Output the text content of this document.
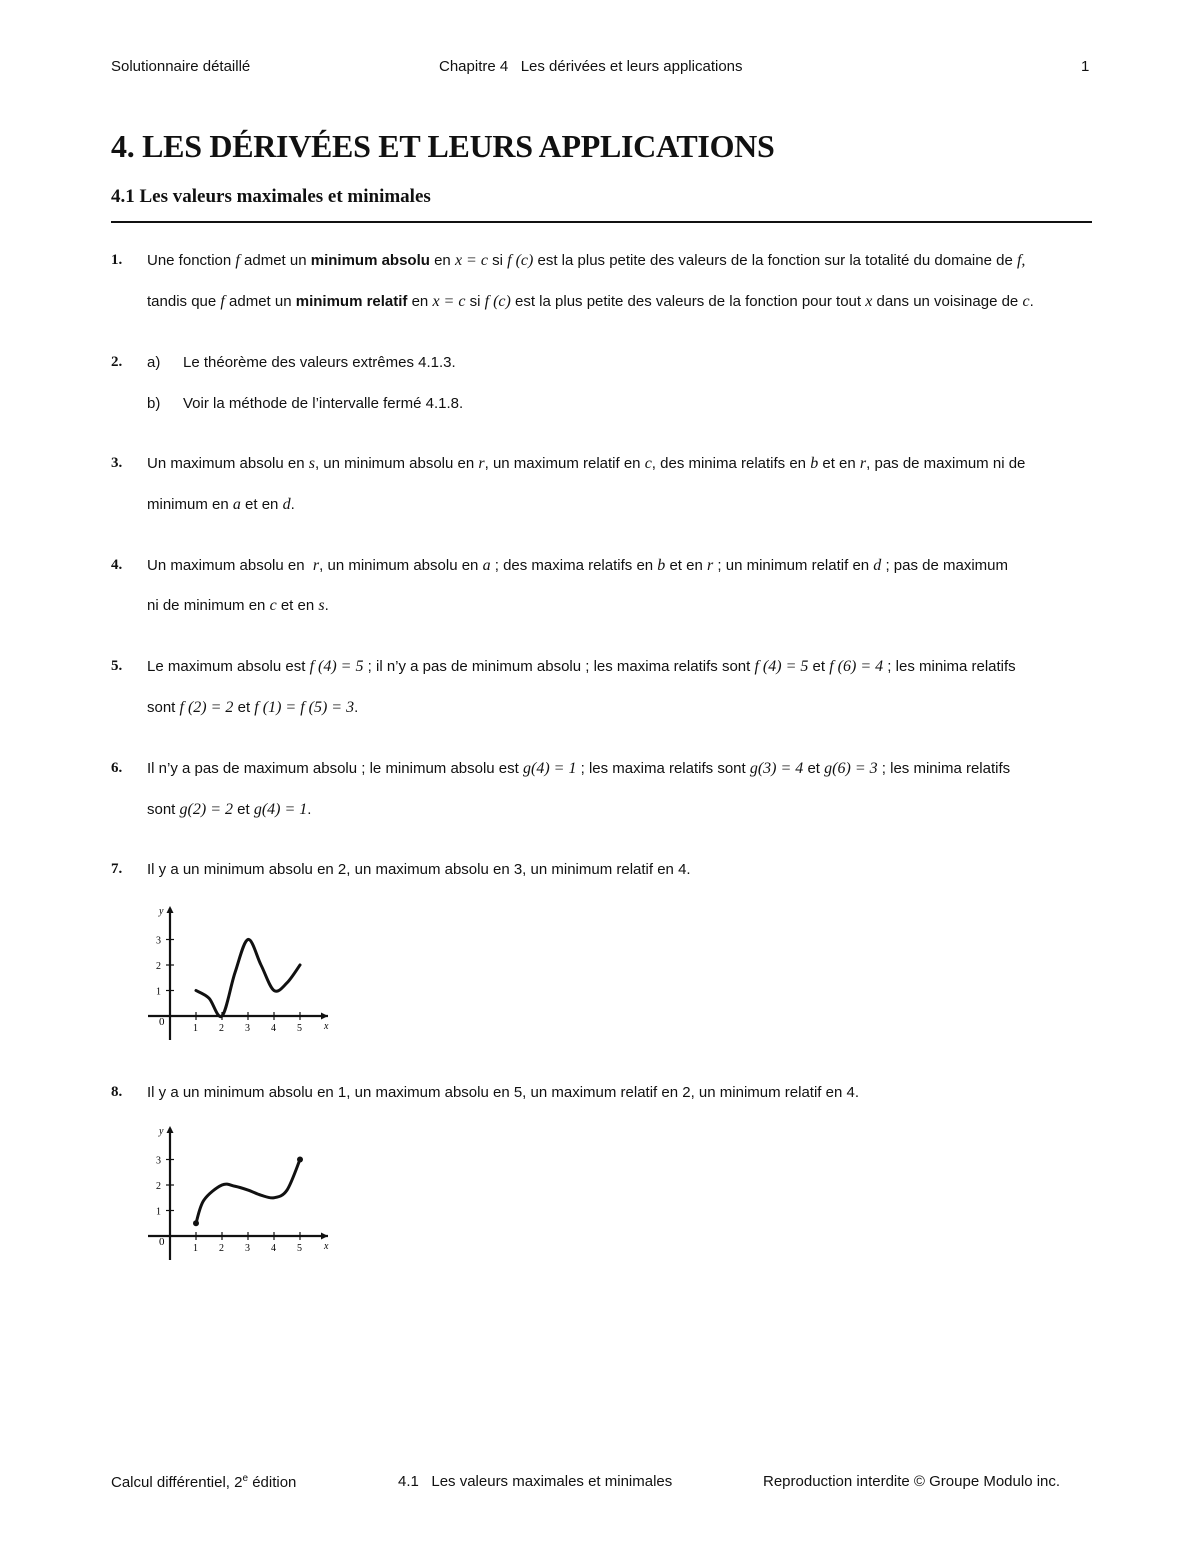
Solutionnaire détaillé	Chapitre 4   Les dérivées et leurs applications	1
4. LES DÉRIVÉES ET LEURS APPLICATIONS
4.1 Les valeurs maximales et minimales
1. Une fonction f admet un minimum absolu en x = c si f (c) est la plus petite des valeurs de la fonction sur la totalité du domaine de f,
tandis que f admet un minimum relatif en x = c si f (c) est la plus petite des valeurs de la fonction pour tout x dans un voisinage de c.
2. a) Le théorème des valeurs extrêmes 4.1.3.
b) Voir la méthode de l’intervalle fermé 4.1.8.
3. Un maximum absolu en s, un minimum absolu en r, un maximum relatif en c, des minima relatifs en b et en r, pas de maximum ni de
minimum en a et en d.
4. Un maximum absolu en  r, un minimum absolu en a ; des maxima relatifs en b et en r ; un minimum relatif en d ; pas de maximum
ni de minimum en c et en s.
5. Le maximum absolu est f (4) = 5 ; il n’y a pas de minimum absolu ; les maxima relatifs sont f (4) = 5 et f (6) = 4 ; les minima relatifs
sont f (2) = 2 et f (1) = f (5) = 3.
6. Il n’y a pas de maximum absolu ; le minimum absolu est g(4) = 1 ; les maxima relatifs sont g(3) = 4 et g(6) = 3 ; les minima relatifs
sont g(2) = 2 et g(4) = 1.
7. Il y a un minimum absolu en 2, un maximum absolu en 3, un minimum relatif en 4.
x
y
0
1 2 3 4 5
1
2
3
8. Il y a un minimum absolu en 1, un maximum absolu en 5, un maximum relatif en 2, un minimum relatif en 4.
x
y
0
1 2 3 4 5
1
2
3
Calcul différentiel, 2e édition	4.1   Les valeurs maximales et minimales	Reproduction interdite © Groupe Modulo inc.
